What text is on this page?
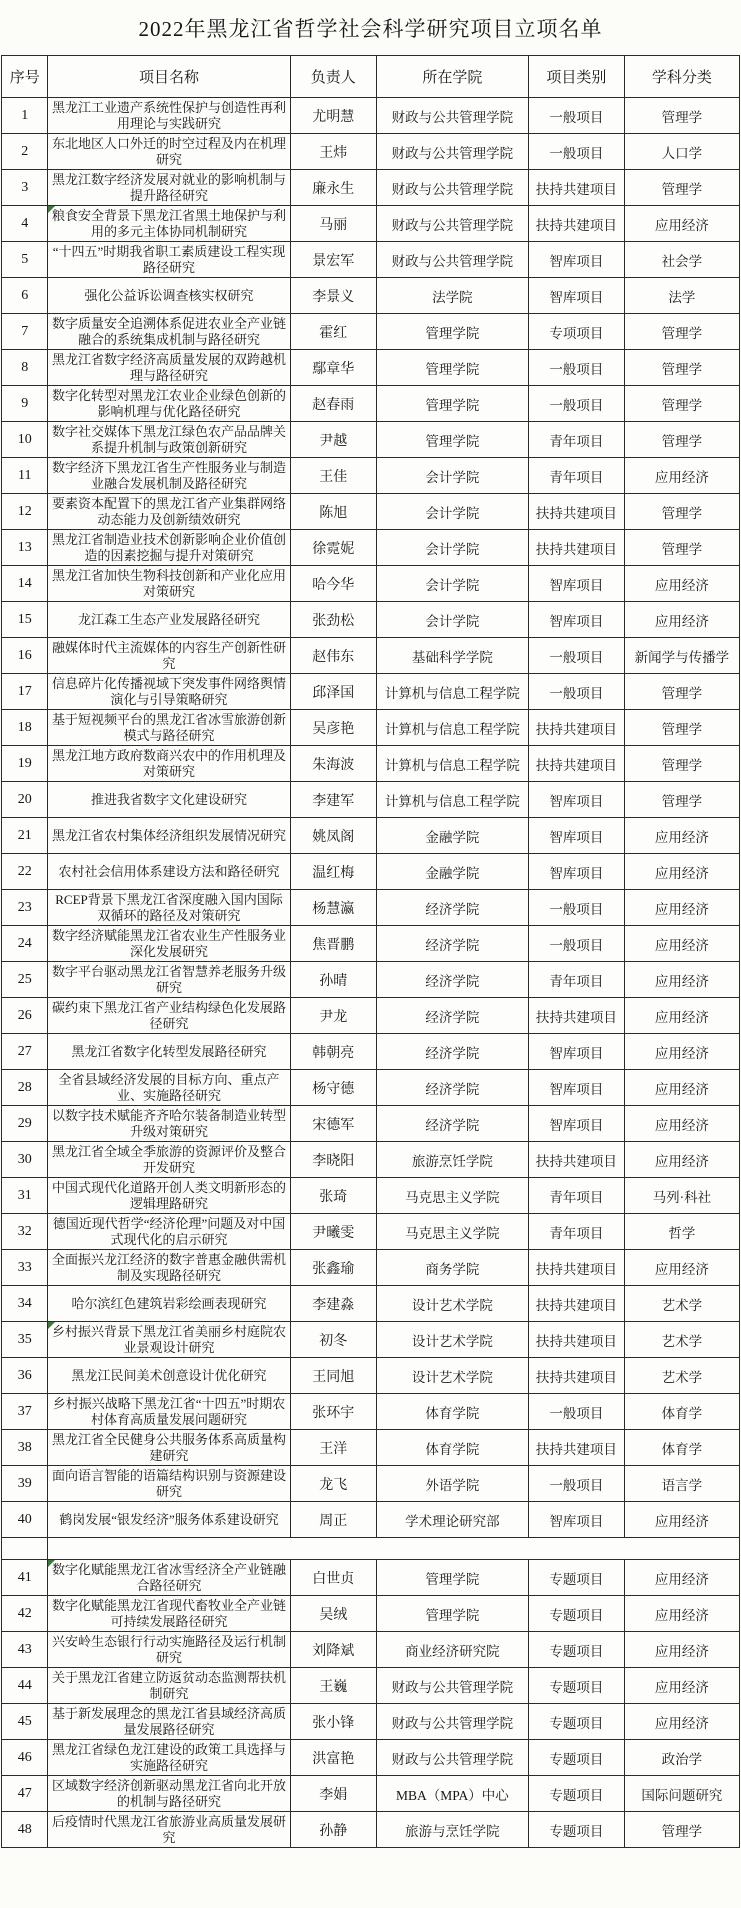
2022年黑龙江省哲学社会科学研究项目立项名单
序号	项目名称	负责人	所在学院	项目类别	学科分类
1	黑龙江工业遗产系统性保护与创造性再利用理论与实践研究	尤明慧	财政与公共管理学院	一般项目	管理学
2	东北地区人口外迁的时空过程及内在机理研究	王炜	财政与公共管理学院	一般项目	人口学
3	黑龙江数字经济发展对就业的影响机制与提升路径研究	廉永生	财政与公共管理学院	扶持共建项目	管理学
4	粮食安全背景下黑龙江省黑土地保护与利用的多元主体协同机制研究	马丽	财政与公共管理学院	扶持共建项目	应用经济
5	“十四五”时期我省职工素质建设工程实现路径研究	景宏军	财政与公共管理学院	智库项目	社会学
6	强化公益诉讼调查核实权研究	李景义	法学院	智库项目	法学
7	数字质量安全追溯体系促进农业全产业链融合的系统集成机制与路径研究	霍红	管理学院	专项项目	管理学
8	黑龙江省数字经济高质量发展的双跨越机理与路径研究	鄢章华	管理学院	一般项目	管理学
9	数字化转型对黑龙江农业企业绿色创新的影响机理与优化路径研究	赵春雨	管理学院	一般项目	管理学
10	数字社交媒体下黑龙江绿色农产品品牌关系提升机制与政策创新研究	尹越	管理学院	青年项目	管理学
11	数字经济下黑龙江省生产性服务业与制造业融合发展机制及路径研究	王佳	会计学院	青年项目	应用经济
12	要素资本配置下的黑龙江省产业集群网络动态能力及创新绩效研究	陈旭	会计学院	扶持共建项目	管理学
13	黑龙江省制造业技术创新影响企业价值创造的因素挖掘与提升对策研究	徐霓妮	会计学院	扶持共建项目	管理学
14	黑龙江省加快生物科技创新和产业化应用对策研究	哈今华	会计学院	智库项目	应用经济
15	龙江森工生态产业发展路径研究	张劲松	会计学院	智库项目	应用经济
16	融媒体时代主流媒体的内容生产创新性研究	赵伟东	基础科学学院	一般项目	新闻学与传播学
17	信息碎片化传播视域下突发事件网络舆情演化与引导策略研究	邱泽国	计算机与信息工程学院	一般项目	管理学
18	基于短视频平台的黑龙江省冰雪旅游创新模式与路径研究	吴彦艳	计算机与信息工程学院	扶持共建项目	管理学
19	黑龙江地方政府数商兴农中的作用机理及对策研究	朱海波	计算机与信息工程学院	扶持共建项目	管理学
20	推进我省数字文化建设研究	李建军	计算机与信息工程学院	智库项目	管理学
21	黑龙江省农村集体经济组织发展情况研究	姚凤阁	金融学院	智库项目	应用经济
22	农村社会信用体系建设方法和路径研究	温红梅	金融学院	智库项目	应用经济
23	RCEP背景下黑龙江省深度融入国内国际双循环的路径及对策研究	杨慧瀛	经济学院	一般项目	应用经济
24	数字经济赋能黑龙江省农业生产性服务业深化发展研究	焦晋鹏	经济学院	一般项目	应用经济
25	数字平台驱动黑龙江省智慧养老服务升级研究	孙晴	经济学院	青年项目	应用经济
26	碳约束下黑龙江省产业结构绿色化发展路径研究	尹龙	经济学院	扶持共建项目	应用经济
27	黑龙江省数字化转型发展路径研究	韩朝亮	经济学院	智库项目	应用经济
28	全省县域经济发展的目标方向、重点产业、实施路径研究	杨守德	经济学院	智库项目	应用经济
29	以数字技术赋能齐齐哈尔装备制造业转型升级对策研究	宋德军	经济学院	智库项目	应用经济
30	黑龙江省全域全季旅游的资源评价及整合开发研究	李晓阳	旅游烹饪学院	扶持共建项目	应用经济
31	中国式现代化道路开创人类文明新形态的逻辑理路研究	张琦	马克思主义学院	青年项目	马列·科社
32	德国近现代哲学“经济伦理”问题及对中国式现代化的启示研究	尹曦雯	马克思主义学院	青年项目	哲学
33	全面振兴龙江经济的数字普惠金融供需机制及实现路径研究	张鑫瑜	商务学院	扶持共建项目	应用经济
34	哈尔滨红色建筑岩彩绘画表现研究	李建淼	设计艺术学院	扶持共建项目	艺术学
35	乡村振兴背景下黑龙江省美丽乡村庭院农业景观设计研究	初冬	设计艺术学院	扶持共建项目	艺术学
36	黑龙江民间美术创意设计优化研究	王同旭	设计艺术学院	扶持共建项目	艺术学
37	乡村振兴战略下黑龙江省“十四五”时期农村体育高质量发展问题研究	张环宇	体育学院	一般项目	体育学
38	黑龙江省全民健身公共服务体系高质量构建研究	王洋	体育学院	扶持共建项目	体育学
39	面向语言智能的语篇结构识别与资源建设研究	龙飞	外语学院	一般项目	语言学
40	鹤岗发展“银发经济”服务体系建设研究	周正	学术理论研究部	智库项目	应用经济

41	数字化赋能黑龙江省冰雪经济全产业链融合路径研究	白世贞	管理学院	专题项目	应用经济
42	数字化赋能黑龙江省现代畜牧业全产业链可持续发展路径研究	吴绒	管理学院	专题项目	应用经济
43	兴安岭生态银行行动实施路径及运行机制研究	刘降斌	商业经济研究院	专题项目	应用经济
44	关于黑龙江省建立防返贫动态监测帮扶机制研究	王巍	财政与公共管理学院	专题项目	应用经济
45	基于新发展理念的黑龙江省县域经济高质量发展路径研究	张小锋	财政与公共管理学院	专题项目	应用经济
46	黑龙江省绿色龙江建设的政策工具选择与实施路径研究	洪富艳	财政与公共管理学院	专题项目	政治学
47	区域数字经济创新驱动黑龙江省向北开放的机制与路径研究	李娟	MBA（MPA）中心	专题项目	国际问题研究
48	后疫情时代黑龙江省旅游业高质量发展研究	孙静	旅游与烹饪学院	专题项目	管理学
